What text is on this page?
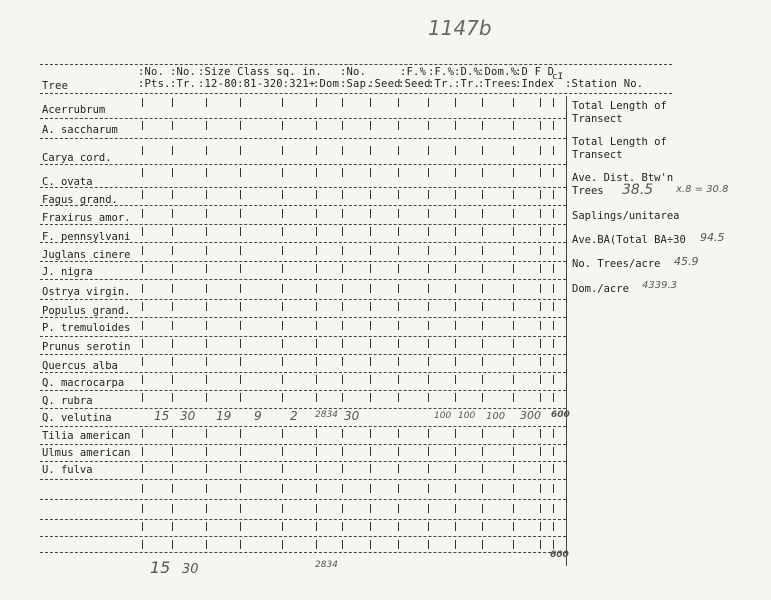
1147b
Tree
:No.
:Pts.
:No.
:Tr.
:Size Class sq. in.
:12-80:81-320:321+
:Dom
:No.
:Sap.
:Seed
:F.%
:Seed
:F.%
:Tr.
:D.%
:Tr.
:Dom.%
:Trees
:D F D
:Index
cI
:Station No.
Acerrubrum
A. saccharum
Carya cord.
C. ovata
Fagus grand.
Fraxirus amor.
F. pennsylvani
Juglans cinere
J. nigra
Ostrya virgin.
Populus grand.
P. tremuloides
Prunus serotin
Quercus alba
Q. macrocarpa
Q. rubra
Q. velutina
Tilia american
Ulmus american
U. fulva
Total Length of
Transect
Total Length of
Transect
Ave. Dist. Btw'n
Trees 38.5 x.8 = 30.8
Saplings/unitarea
Ave.BA(Total BA÷30 94.5
No. Trees/acre 45.9
Dom./acre 4339.3
15 30 19 9 2 2834 30	100 100 100 300 600
15 30	2834
600
